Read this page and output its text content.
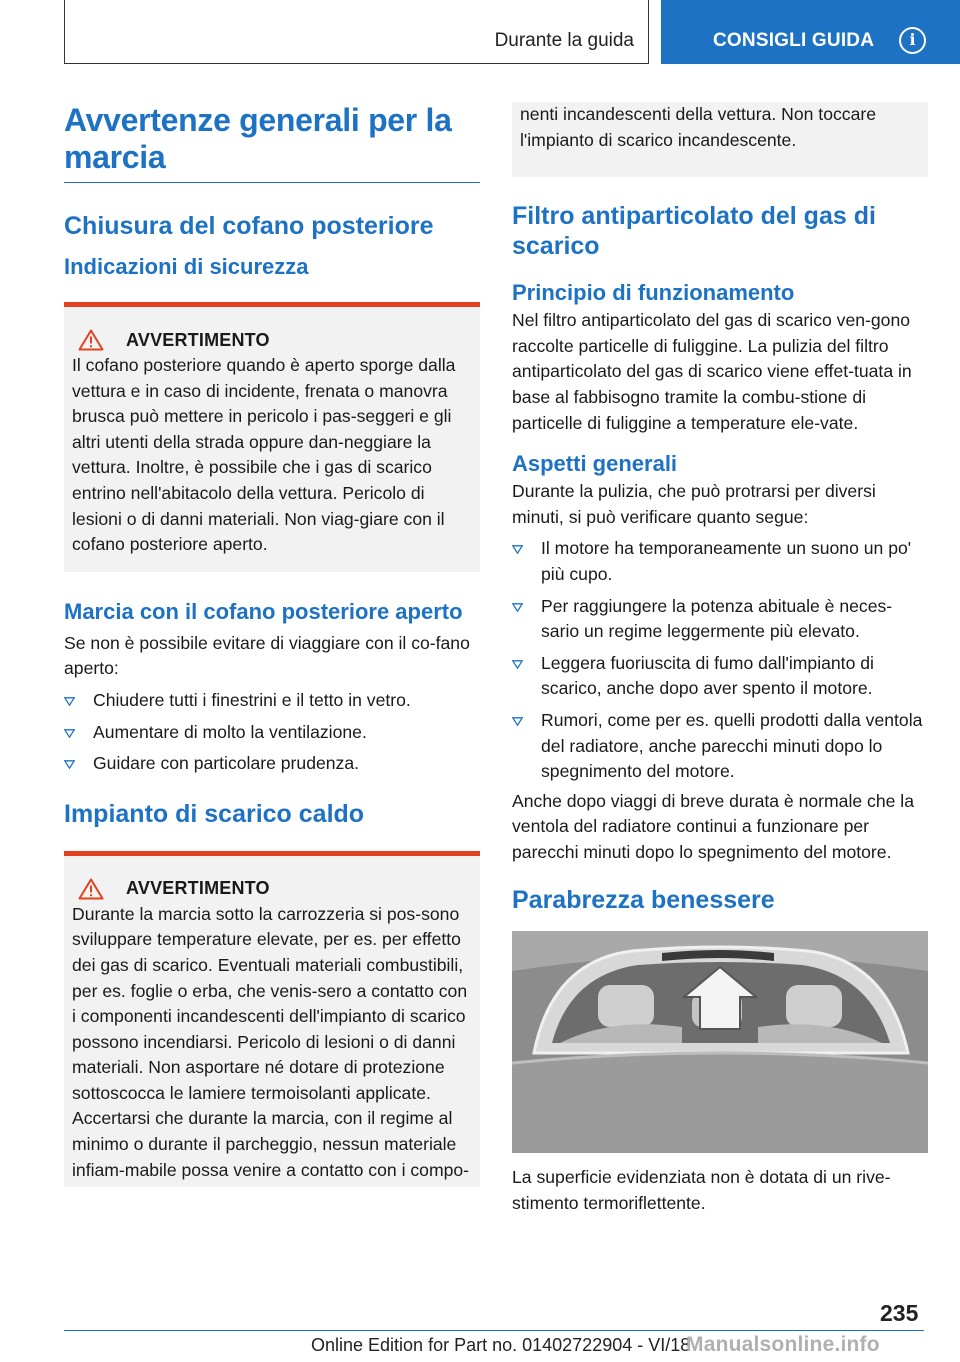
Durante la guida	CONSIGLI GUIDA	i
Avvertenze generali per la marcia
Chiusura del cofano posteriore
Indicazioni di sicurezza
AVVERTIMENTO
Il cofano posteriore quando è aperto sporge dalla vettura e in caso di incidente, frenata o manovra brusca può mettere in pericolo i pas-seggeri e gli altri utenti della strada oppure dan-neggiare la vettura. Inoltre, è possibile che i gas di scarico entrino nell'abitacolo della vettura. Pericolo di lesioni o di danni materiali. Non viag-giare con il cofano posteriore aperto.
Marcia con il cofano posteriore aperto
Se non è possibile evitare di viaggiare con il co-fano aperto:
Chiudere tutti i finestrini e il tetto in vetro.
Aumentare di molto la ventilazione.
Guidare con particolare prudenza.
Impianto di scarico caldo
AVVERTIMENTO
Durante la marcia sotto la carrozzeria si pos-sono sviluppare temperature elevate, per es. per effetto dei gas di scarico. Eventuali materiali combustibili, per es. foglie o erba, che venis-sero a contatto con i componenti incandescenti dell'impianto di scarico possono incendiarsi. Pericolo di lesioni o di danni materiali. Non asportare né dotare di protezione sottoscocca le lamiere termoisolanti applicate. Accertarsi che durante la marcia, con il regime al minimo o durante il parcheggio, nessun materiale infiam-mabile possa venire a contatto con i compo-
nenti incandescenti della vettura. Non toccare l'impianto di scarico incandescente.
Filtro antiparticolato del gas di scarico
Principio di funzionamento
Nel filtro antiparticolato del gas di scarico ven-gono raccolte particelle di fuliggine. La pulizia del filtro antiparticolato del gas di scarico viene effet-tuata in base al fabbisogno tramite la combu-stione di particelle di fuliggine a temperature ele-vate.
Aspetti generali
Durante la pulizia, che può protrarsi per diversi minuti, si può verificare quanto segue:
Il motore ha temporaneamente un suono un po' più cupo.
Per raggiungere la potenza abituale è neces-sario un regime leggermente più elevato.
Leggera fuoriuscita di fumo dall'impianto di scarico, anche dopo aver spento il motore.
Rumori, come per es. quelli prodotti dalla ventola del radiatore, anche parecchi minuti dopo lo spegnimento del motore.
Anche dopo viaggi di breve durata è normale che la ventola del radiatore continui a funzionare per parecchi minuti dopo lo spegnimento del motore.
Parabrezza benessere
La superficie evidenziata non è dotata di un rive-stimento termoriflettente.
235
Online Edition for Part no. 01402722904 - VI/18
Manualsonline.info
